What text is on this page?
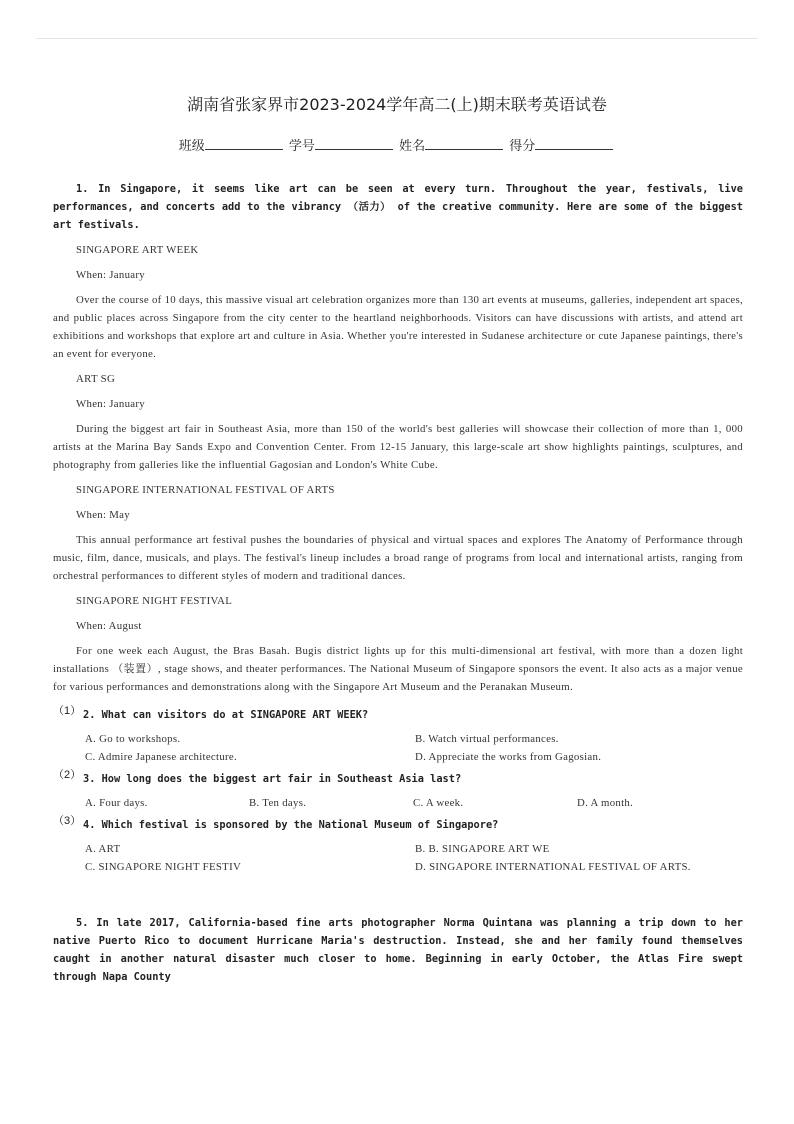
湖南省张家界市2023-2024学年高二(上)期末联考英语试卷
班级	学号	姓名	得分

1. In Singapore, it seems like art can be seen at every turn. Throughout the year, festivals, live performances, and concerts add to the vibrancy （活力） of the creative community. Here are some of the biggest art festivals.

SINGAPORE ART WEEK

When: January

Over the course of 10 days, this massive visual art celebration organizes more than 130 art events at museums, galleries, independent art spaces, and public places across Singapore from the city center to the heartland neighborhoods. Visitors can have discussions with artists, and attend art exhibitions and workshops that explore art and culture in Asia. Whether you're interested in Sudanese architecture or cute Japanese paintings, there's an event for everyone.

ART SG

When: January

During the biggest art fair in Southeast Asia, more than 150 of the world's best galleries will showcase their collection of more than 1, 000 artists at the Marina Bay Sands Expo and Convention Center. From 12-15 January, this large-scale art show highlights paintings, sculptures, and photography from galleries like the influential Gagosian and London's White Cube.

SINGAPORE INTERNATIONAL FESTIVAL OF ARTS

When: May

This annual performance art festival pushes the boundaries of physical and virtual spaces and explores The Anatomy of Performance through music, film, dance, musicals, and plays. The festival's lineup includes a broad range of programs from local and international artists, ranging from orchestral performances to different styles of modern and traditional dances.

SINGAPORE NIGHT FESTIVAL

When: August

For one week each August, the Bras Basah. Bugis district lights up for this multi-dimensional art festival, with more than a dozen light installations （装置）, stage shows, and theater performances. The National Museum of Singapore sponsors the event. It also acts as a major venue for various performances and demonstrations along with the Singapore Art Museum and the Peranakan Museum.

（1） 2. What can visitors do at SINGAPORE ART WEEK?
A. Go to workshops.	B. Watch virtual performances.
C. Admire Japanese architecture.	D. Appreciate the works from Gagosian.
（2） 3. How long does the biggest art fair in Southeast Asia last?
A. Four days.	B. Ten days.	C. A week.	D. A month.
（3） 4. Which festival is sponsored by the National Museum of Singapore?
A. ART	B. B. SINGAPORE ART WE
C. SINGAPORE NIGHT FESTIV	D. SINGAPORE INTERNATIONAL FESTIVAL OF ARTS.

5. In late 2017, California-based fine arts photographer Norma Quintana was planning a trip down to her native Puerto Rico to document Hurricane Maria's destruction. Instead, she and her family found themselves caught in another natural disaster much closer to home. Beginning in early October, the Atlas Fire swept through Napa County
